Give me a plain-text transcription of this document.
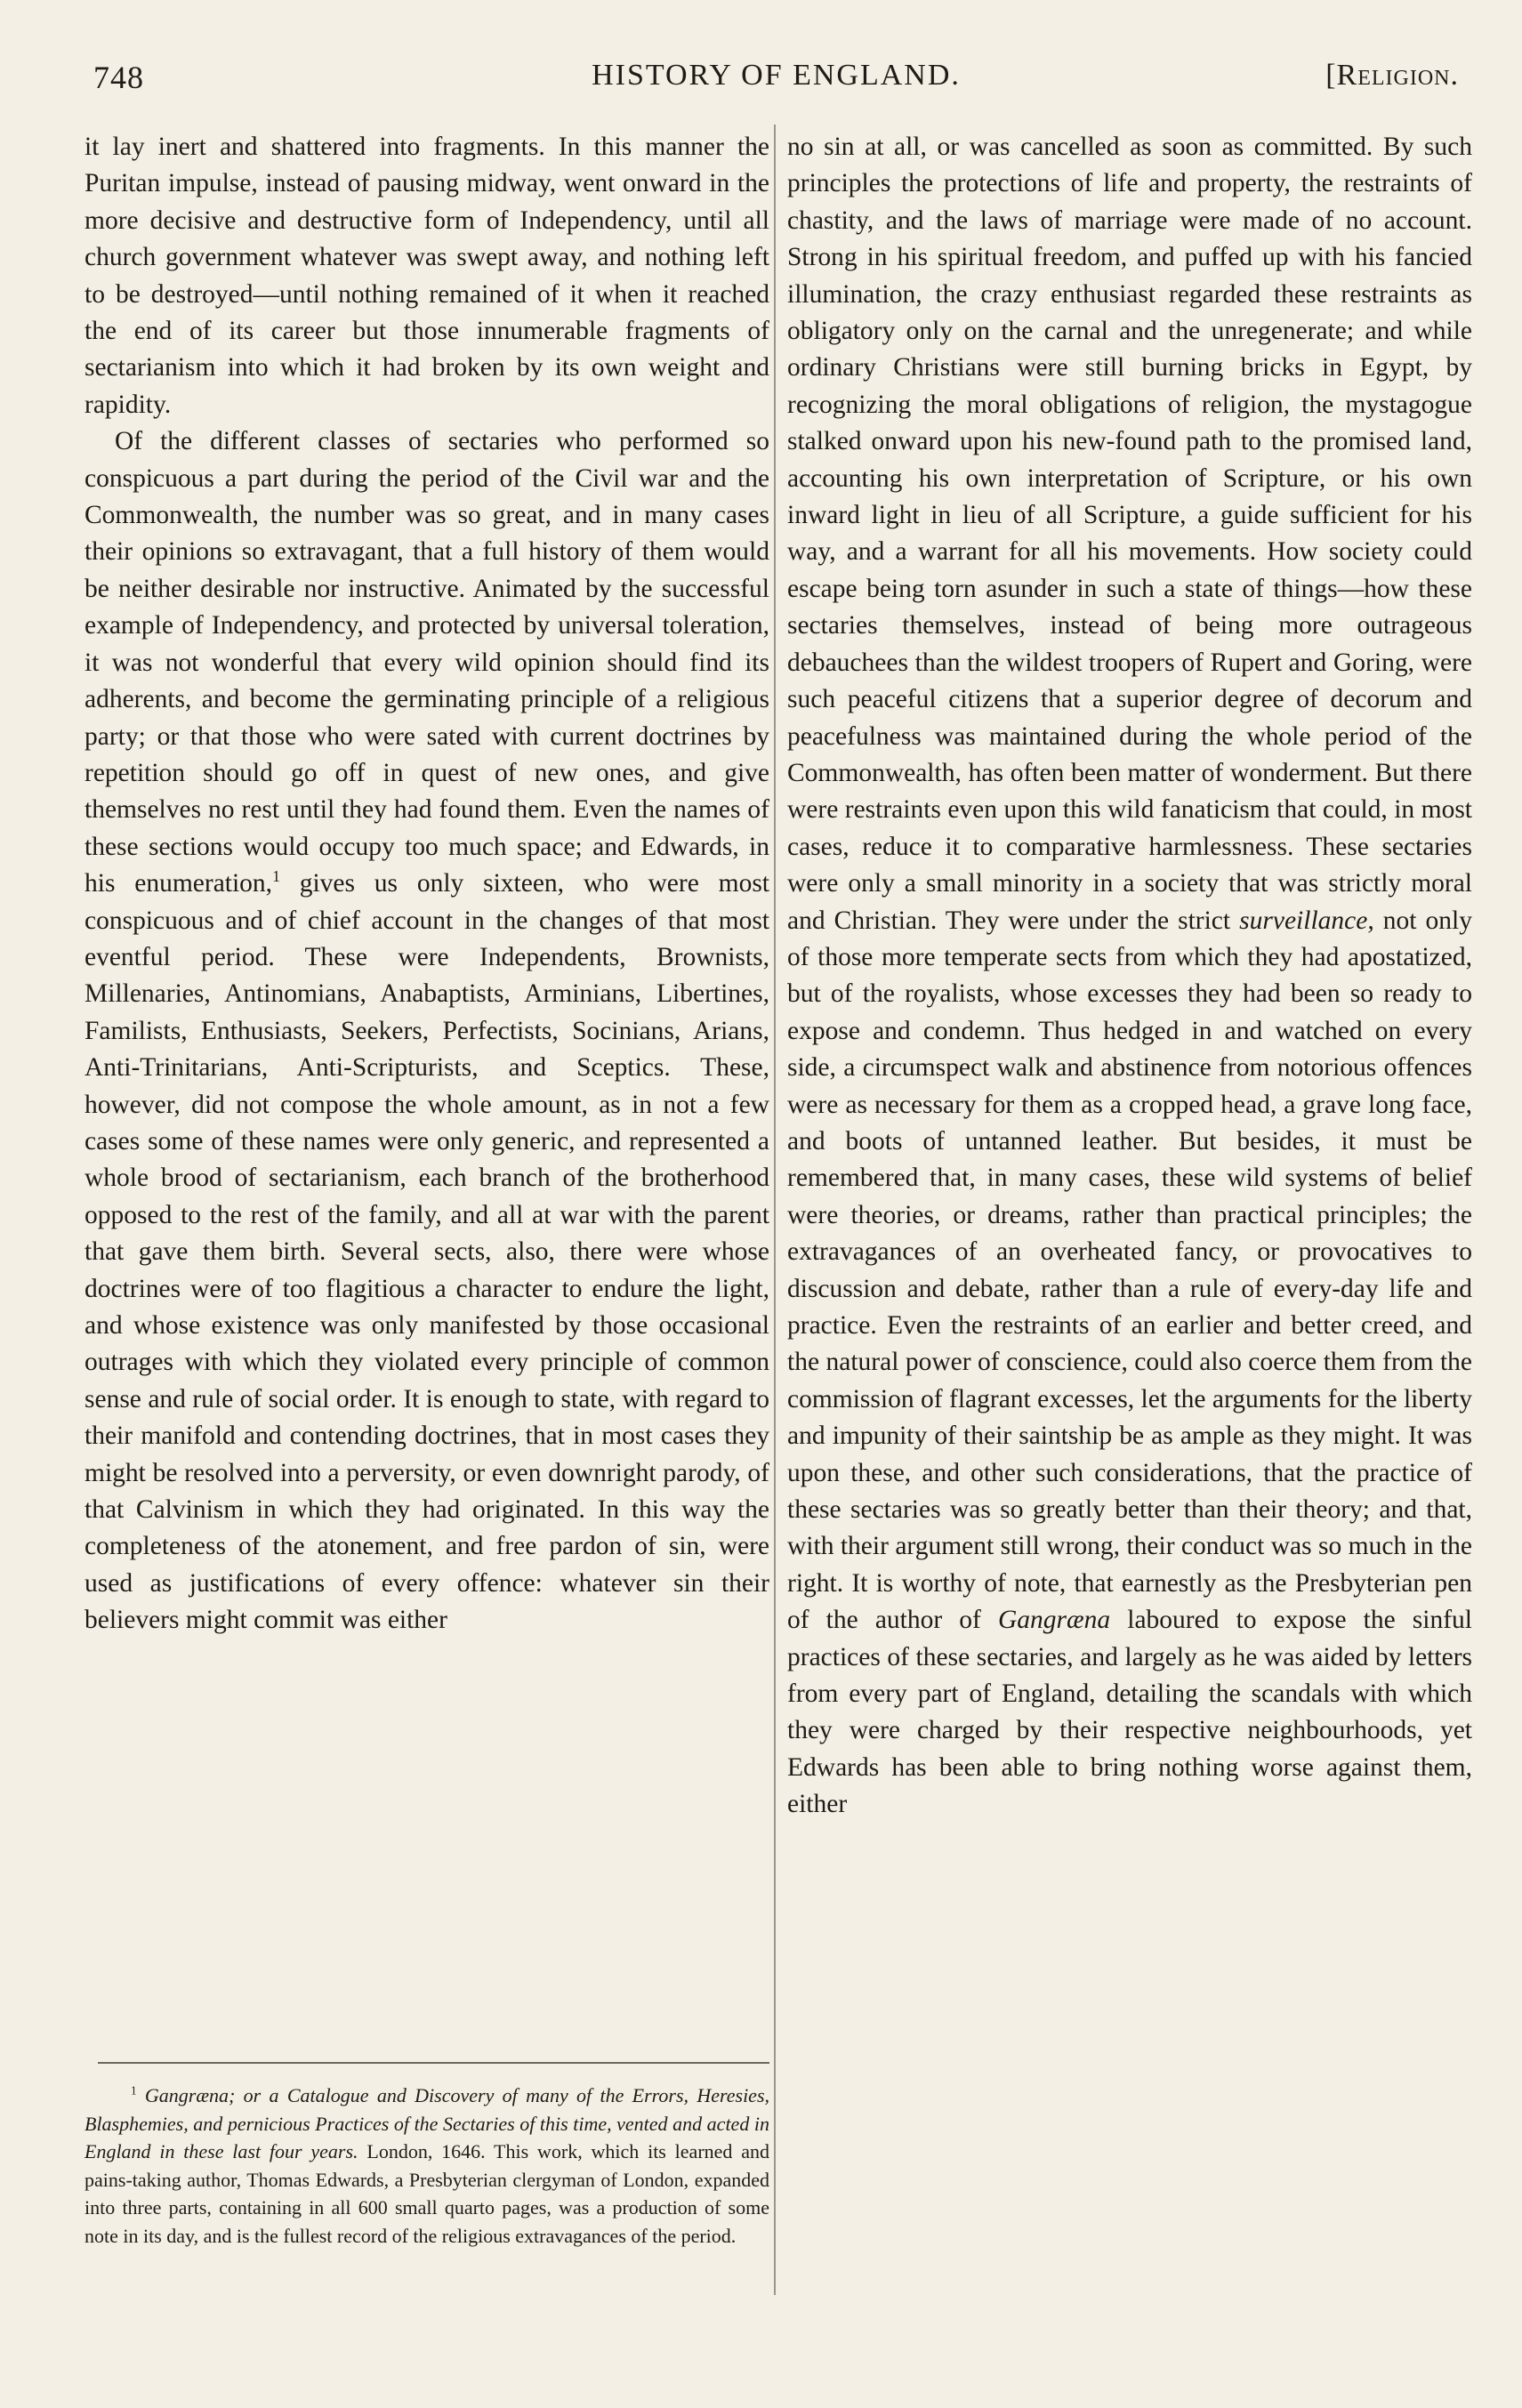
748	HISTORY OF ENGLAND.	[Religion.

it lay inert and shattered into fragments. In this manner the Puritan impulse, instead of pausing midway, went onward in the more decisive and destructive form of Independency, until all church government whatever was swept away, and nothing left to be destroyed—until nothing remained of it when it reached the end of its career but those innumerable fragments of sectarianism into which it had broken by its own weight and rapidity.

Of the different classes of sectaries who performed so conspicuous a part during the period of the Civil war and the Commonwealth, the number was so great, and in many cases their opinions so extravagant, that a full history of them would be neither desirable nor instructive. Animated by the successful example of Independency, and protected by universal toleration, it was not wonderful that every wild opinion should find its adherents, and become the germinating principle of a religious party; or that those who were sated with current doctrines by repetition should go off in quest of new ones, and give themselves no rest until they had found them. Even the names of these sections would occupy too much space; and Edwards, in his enumeration,$^1$ gives us only sixteen, who were most conspicuous and of chief account in the changes of that most eventful period. These were Independents, Brownists, Millenaries, Antinomians, Anabaptists, Arminians, Libertines, Familists, Enthusiasts, Seekers, Perfectists, Socinians, Arians, Anti-Trinitarians, Anti-Scripturists, and Sceptics. These, however, did not compose the whole amount, as in not a few cases some of these names were only generic, and represented a whole brood of sectarianism, each branch of the brotherhood opposed to the rest of the family, and all at war with the parent that gave them birth. Several sects, also, there were whose doctrines were of too flagitious a character to endure the light, and whose existence was only manifested by those occasional outrages with which they violated every principle of common sense and rule of social order. It is enough to state, with regard to their manifold and contending doctrines, that in most cases they might be resolved into a perversity, or even downright parody, of that Calvinism in which they had originated. In this way the completeness of the atonement, and free pardon of sin, were used as justifications of every offence: whatever sin their believers might commit was either

no sin at all, or was cancelled as soon as committed. By such principles the protections of life and property, the restraints of chastity, and the laws of marriage were made of no account. Strong in his spiritual freedom, and puffed up with his fancied illumination, the crazy enthusiast regarded these restraints as obligatory only on the carnal and the unregenerate; and while ordinary Christians were still burning bricks in Egypt, by recognizing the moral obligations of religion, the mystagogue stalked onward upon his new-found path to the promised land, accounting his own interpretation of Scripture, or his own inward light in lieu of all Scripture, a guide sufficient for his way, and a warrant for all his movements. How society could escape being torn asunder in such a state of things—how these sectaries themselves, instead of being more outrageous debauchees than the wildest troopers of Rupert and Goring, were such peaceful citizens that a superior degree of decorum and peacefulness was maintained during the whole period of the Commonwealth, has often been matter of wonderment. But there were restraints even upon this wild fanaticism that could, in most cases, reduce it to comparative harmlessness. These sectaries were only a small minority in a society that was strictly moral and Christian. They were under the strict surveillance, not only of those more temperate sects from which they had apostatized, but of the royalists, whose excesses they had been so ready to expose and condemn. Thus hedged in and watched on every side, a circumspect walk and abstinence from notorious offences were as necessary for them as a cropped head, a grave long face, and boots of untanned leather. But besides, it must be remembered that, in many cases, these wild systems of belief were theories, or dreams, rather than practical principles; the extravagances of an overheated fancy, or provocatives to discussion and debate, rather than a rule of every-day life and practice. Even the restraints of an earlier and better creed, and the natural power of conscience, could also coerce them from the commission of flagrant excesses, let the arguments for the liberty and impunity of their saintship be as ample as they might. It was upon these, and other such considerations, that the practice of these sectaries was so greatly better than their theory; and that, with their argument still wrong, their conduct was so much in the right. It is worthy of note, that earnestly as the Presbyterian pen of the author of Gangræna laboured to expose the sinful practices of these sectaries, and largely as he was aided by letters from every part of England, detailing the scandals with which they were charged by their respective neighbourhoods, yet Edwards has been able to bring nothing worse against them, either

$^1$ Gangræna; or a Catalogue and Discovery of many of the Errors, Heresies, Blasphemies, and pernicious Practices of the Sectaries of this time, vented and acted in England in these last four years. London, 1646. This work, which its learned and pains-taking author, Thomas Edwards, a Presbyterian clergyman of London, expanded into three parts, containing in all 600 small quarto pages, was a production of some note in its day, and is the fullest record of the religious extravagances of the period.
